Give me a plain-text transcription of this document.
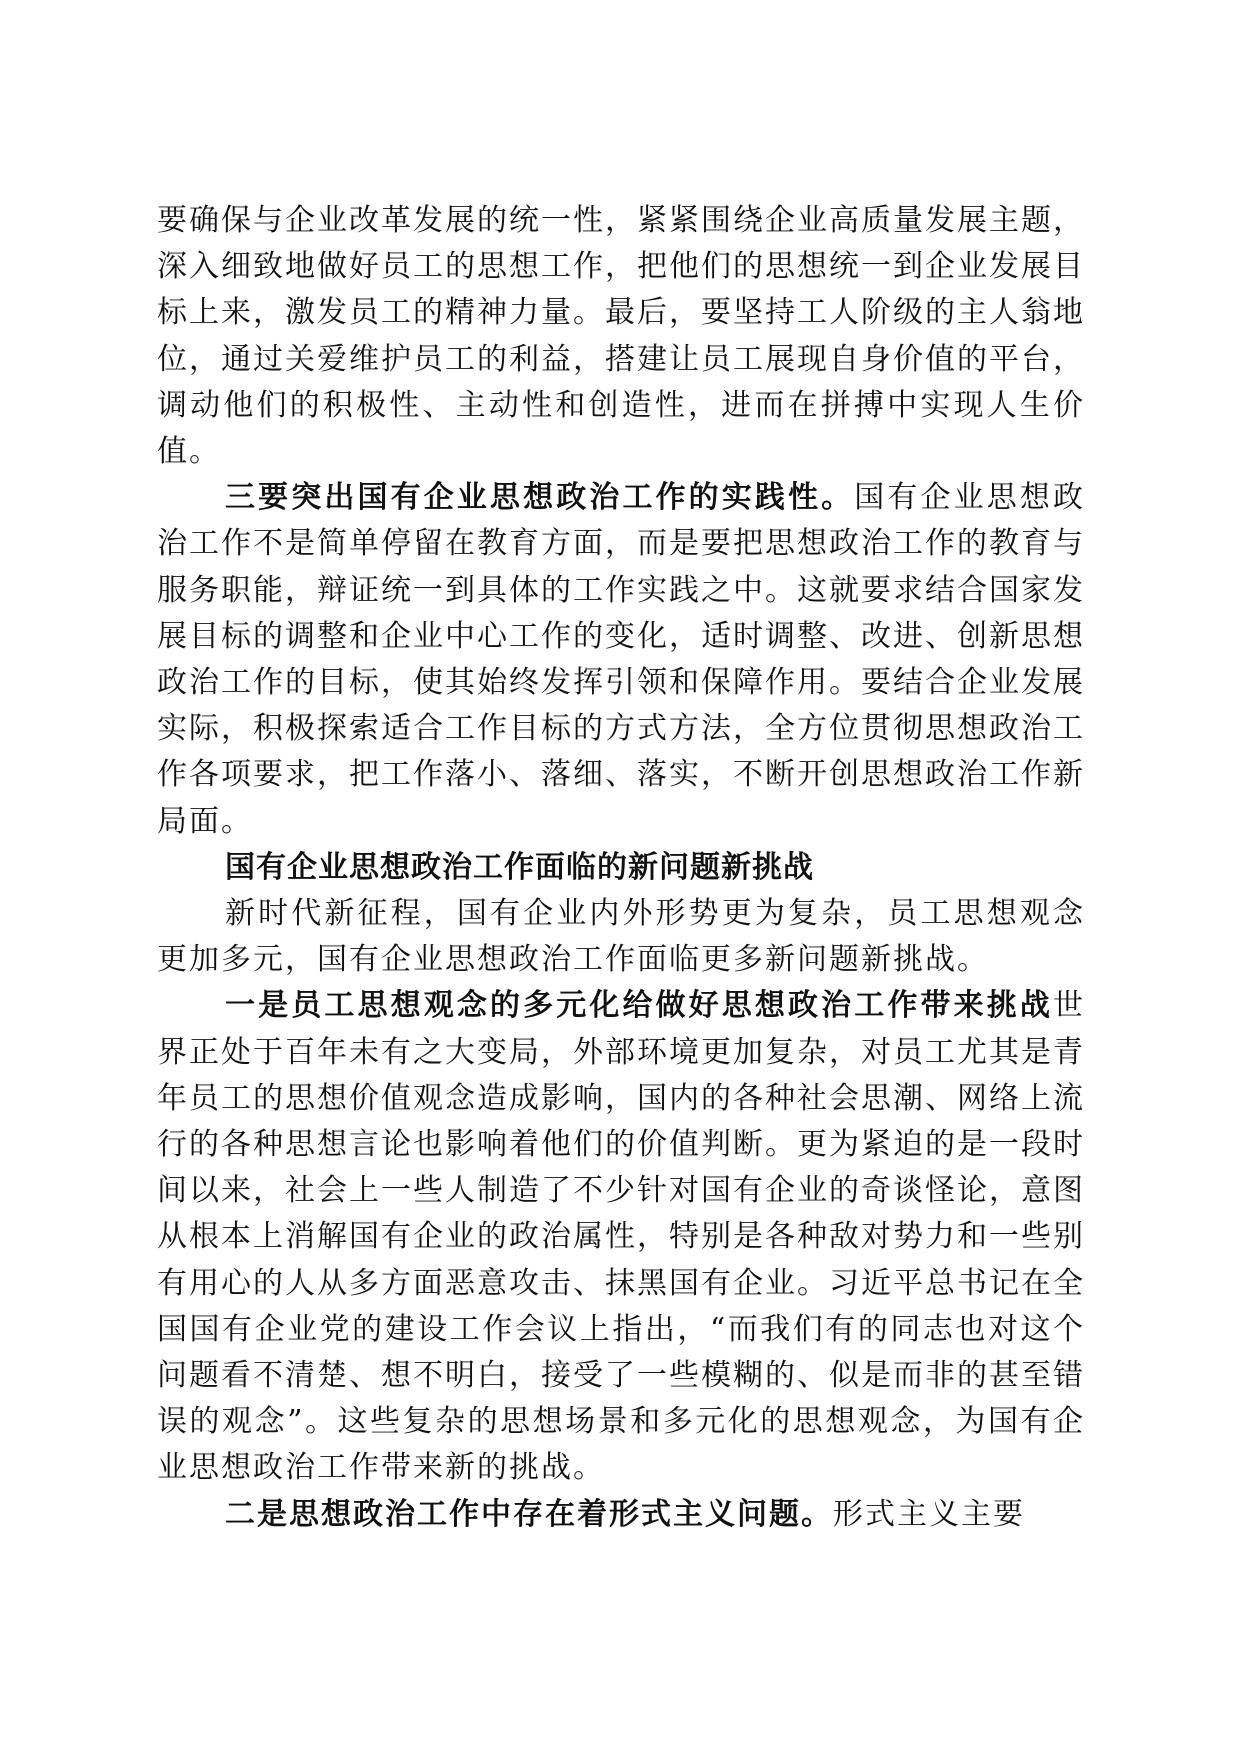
要确保与企业改革发展的统一性，紧紧围绕企业高质量发展主题，深入细致地做好员工的思想工作，把他们的思想统一到企业发展目标上来，激发员工的精神力量。最后，要坚持工人阶级的主人翁地位，通过关爱维护员工的利益，搭建让员工展现自身价值的平台，调动他们的积极性、主动性和创造性，进而在拼搏中实现人生价值。

三要突出国有企业思想政治工作的实践性。国有企业思想政治工作不是简单停留在教育方面，而是要把思想政治工作的教育与服务职能，辩证统一到具体的工作实践之中。这就要求结合国家发展目标的调整和企业中心工作的变化，适时调整、改进、创新思想政治工作的目标，使其始终发挥引领和保障作用。要结合企业发展实际，积极探索适合工作目标的方式方法，全方位贯彻思想政治工作各项要求，把工作落小、落细、落实，不断开创思想政治工作新局面。

国有企业思想政治工作面临的新问题新挑战

新时代新征程，国有企业内外形势更为复杂，员工思想观念更加多元，国有企业思想政治工作面临更多新问题新挑战。

一是员工思想观念的多元化给做好思想政治工作带来挑战世界正处于百年未有之大变局，外部环境更加复杂，对员工尤其是青年员工的思想价值观念造成影响，国内的各种社会思潮、网络上流行的各种思想言论也影响着他们的价值判断。更为紧迫的是一段时间以来，社会上一些人制造了不少针对国有企业的奇谈怪论，意图从根本上消解国有企业的政治属性，特别是各种敌对势力和一些别有用心的人从多方面恶意攻击、抹黑国有企业。习近平总书记在全国国有企业党的建设工作会议上指出，“而我们有的同志也对这个问题看不清楚、想不明白，接受了一些模糊的、似是而非的甚至错误的观念”。这些复杂的思想场景和多元化的思想观念，为国有企业思想政治工作带来新的挑战。

二是思想政治工作中存在着形式主义问题。形式主义主要
